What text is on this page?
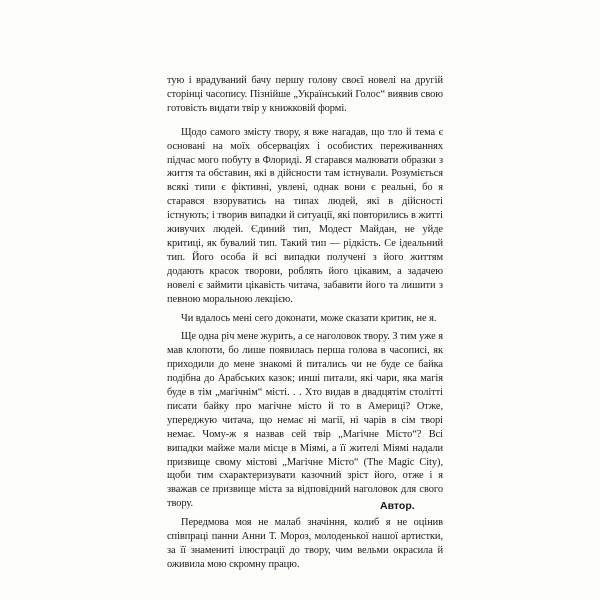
тую і врадуваний бачу першу голову своєї новелі на другій сторінці часопису. Пізнійше „Український Голос“ виявив свою готовість видати твір у книжковій формі.

Щодо самого змісту твору, я вже нагадав, що тло й тема є основані на моїх обсерваціях і особистих переживаннях підчас мого побуту в Флориді. Я старався малювати образки з життя та обставин, які в дійсности там істнували. Розуміється всякі типи є фіктивні, увлені, однак вони є реальні, бо я старався взоруватись на типах людей, які в дійсності істнують; і творив випадки й ситуації, які повторились в житті живучих людей. Єдиний тип, Модест Майдан, не уйде критиці, як бувалий тип. Такий тип — рідкість. Се ідеальний тип. Його особа й всі випадки получені з його життям додають красок творови, роблять його цікавим, а задачею новелі є займити цікавість читача, забавити його та лишити з певною моральною лекцією.

Чи вдалось мені сего доконати, може сказати критик, не я.

Ще одна річ мене журить, а се наголовок твору. З тим уже я мав клопоти, бо лише появилась перша голова в часописі, як приходили до мене знакомі й питались чи не буде се байка подібна до Арабських казок; инші питали, які чари, яка магія буде в тім „магічнім“ місті. . . Хто видав в двадцятім столітті писати байку про магічне місто й то в Америці? Отже, упереджую читача, що немає ні магії, ні чарів в сім творі немає. Чому-ж я назвав сей твір „Магічне Місто“? Всі випадки майже мали місце в Міямі, а її жителі Міямі надали призвище свому містові „Магічне Місто“ (The Magic City), щоби тим схарактеризувати казочний зріст його, отже і я зважав се призвище міста за відповідний наголовок для свого твору.

Передмова моя не малаб значіння, колиб я не оцінив співпраці панни Анни Т. Мороз, молоденької нашої артистки, за її знамениті ілюстрації до твору, чим вельми окрасила й оживила мою скромну працю.

Автор.
